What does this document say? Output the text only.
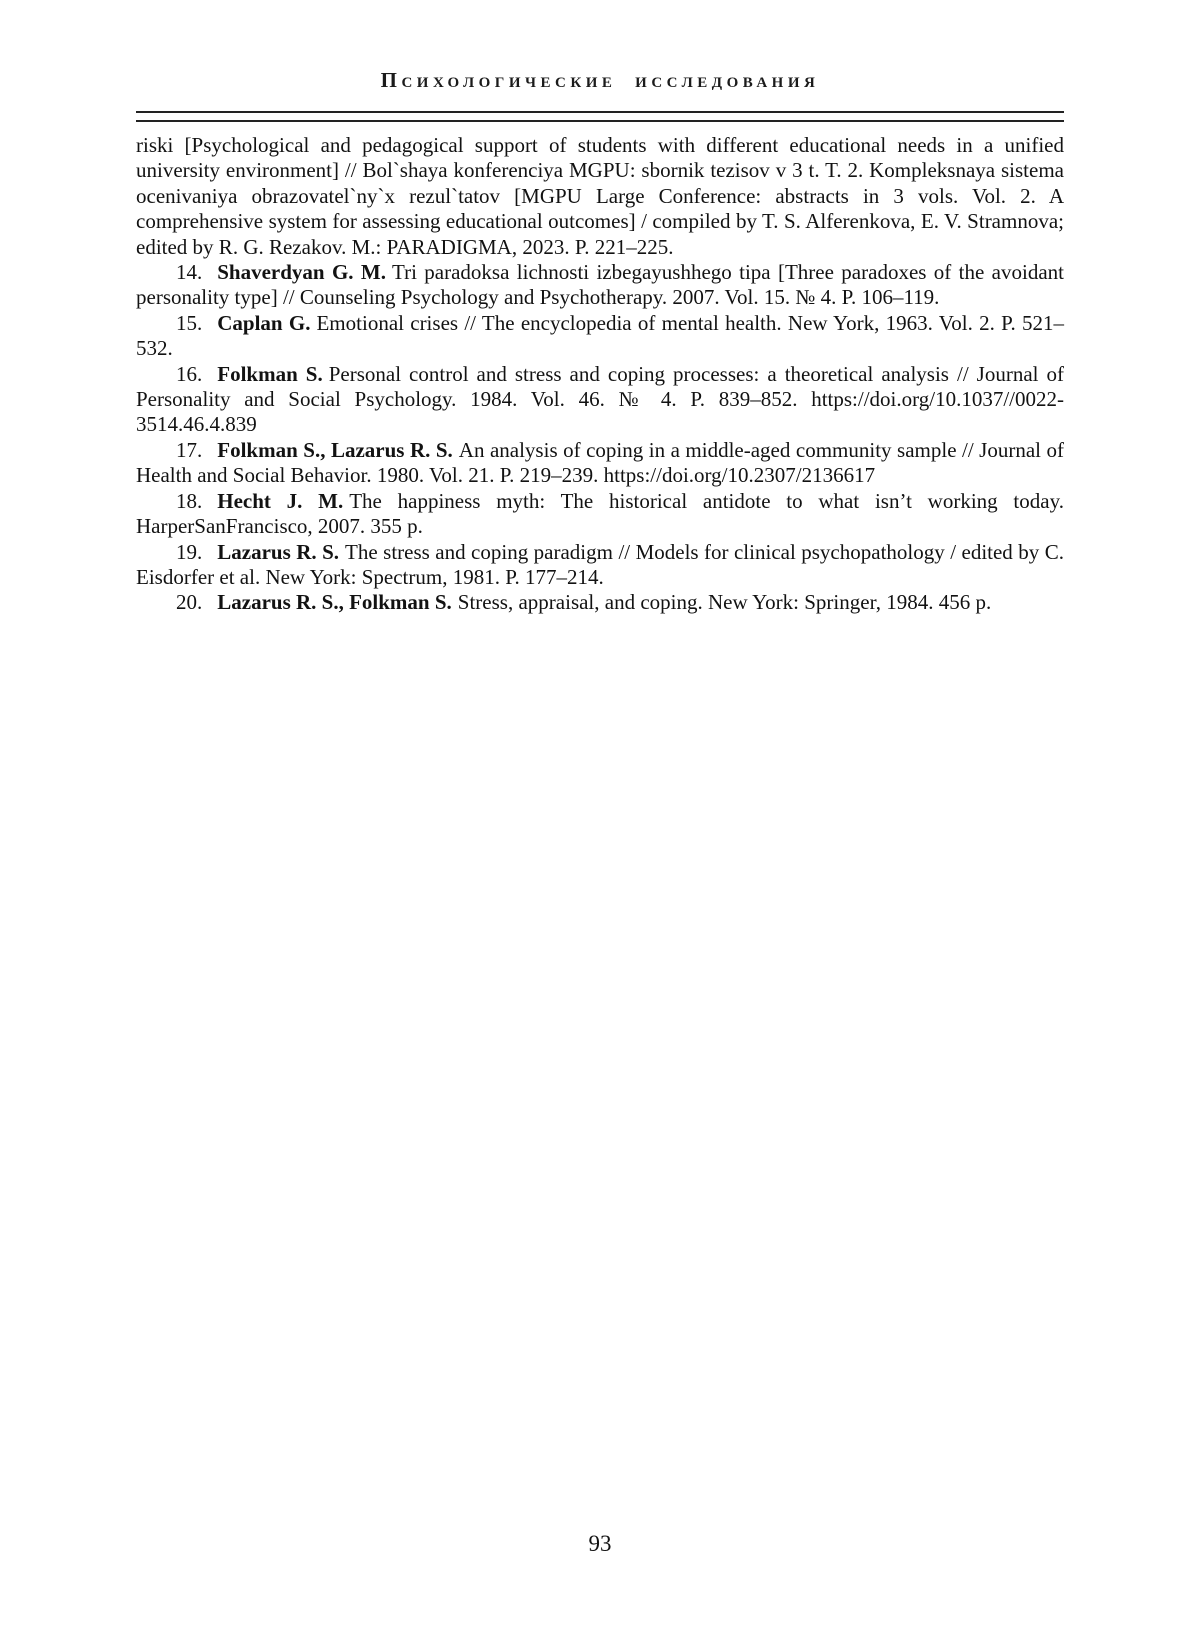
Психологические исследования

riski [Psychological and pedagogical support of students with different educational needs in a unified university environment] // Bol`shaya konferenciya MGPU: sbornik tezisov v 3 t. T. 2. Kompleksnaya sistema ocenivaniya obrazovatel`ny`x rezul`tatov [MGPU Large Conference: abstracts in 3 vols. Vol. 2. A comprehensive system for assessing educational outcomes] / compiled by T. S. Alferenkova, E. V. Stramnova; edited by R. G. Rezakov. M.: PARADIGMA, 2023. P. 221–225.

14. Shaverdyan G. M. Tri paradoksa lichnosti izbegayushhego tipa [Three paradoxes of the avoidant personality type] // Counseling Psychology and Psychotherapy. 2007. Vol. 15. № 4. P. 106–119.

15. Caplan G. Emotional crises // The encyclopedia of mental health. New York, 1963. Vol. 2. P. 521–532.

16. Folkman S. Personal control and stress and coping processes: a theoretical analysis // Journal of Personality and Social Psychology. 1984. Vol. 46. № 4. P. 839–852. https://doi.org/10.1037//0022-3514.46.4.839

17. Folkman S., Lazarus R. S. An analysis of coping in a middle-aged community sample // Journal of Health and Social Behavior. 1980. Vol. 21. P. 219–239. https://doi.org/10.2307/2136617

18. Hecht J. M. The happiness myth: The historical antidote to what isn’t working today. HarperSanFrancisco, 2007. 355 p.

19. Lazarus R. S. The stress and coping paradigm // Models for clinical psychopathology / edited by C. Eisdorfer et al. New York: Spectrum, 1981. P. 177–214.

20. Lazarus R. S., Folkman S. Stress, appraisal, and coping. New York: Springer, 1984. 456 p.

93
